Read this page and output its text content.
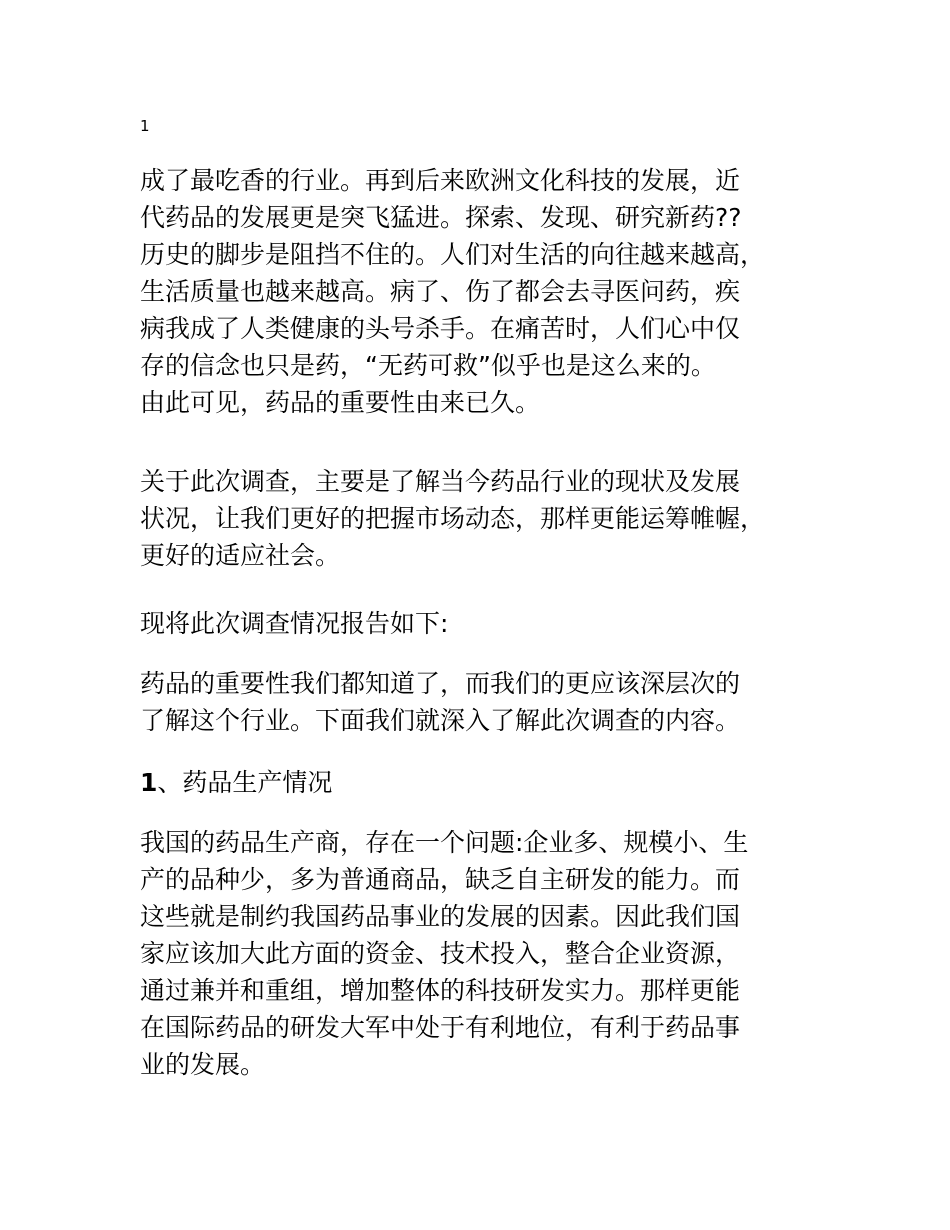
1
成了最吃香的行业。再到后来欧洲文化科技的发展，近
代药品的发展更是突飞猛进。探索、发现、研究新药??
历史的脚步是阻挡不住的。人们对生活的向往越来越高，
生活质量也越来越高。病了、伤了都会去寻医问药，疾
病我成了人类健康的头号杀手。在痛苦时，人们心中仅
存的信念也只是药，“无药可救”似乎也是这么来的。
由此可见，药品的重要性由来已久。
关于此次调查，主要是了解当今药品行业的现状及发展
状况，让我们更好的把握市场动态，那样更能运筹帷幄，
更好的适应社会。
现将此次调查情况报告如下:
药品的重要性我们都知道了，而我们的更应该深层次的
了解这个行业。下面我们就深入了解此次调查的内容。
1、药品生产情况
我国的药品生产商，存在一个问题:企业多、规模小、生
产的品种少，多为普通商品，缺乏自主研发的能力。而
这些就是制约我国药品事业的发展的因素。因此我们国
家应该加大此方面的资金、技术投入，整合企业资源，
通过兼并和重组，增加整体的科技研发实力。那样更能
在国际药品的研发大军中处于有利地位，有利于药品事
业的发展。
